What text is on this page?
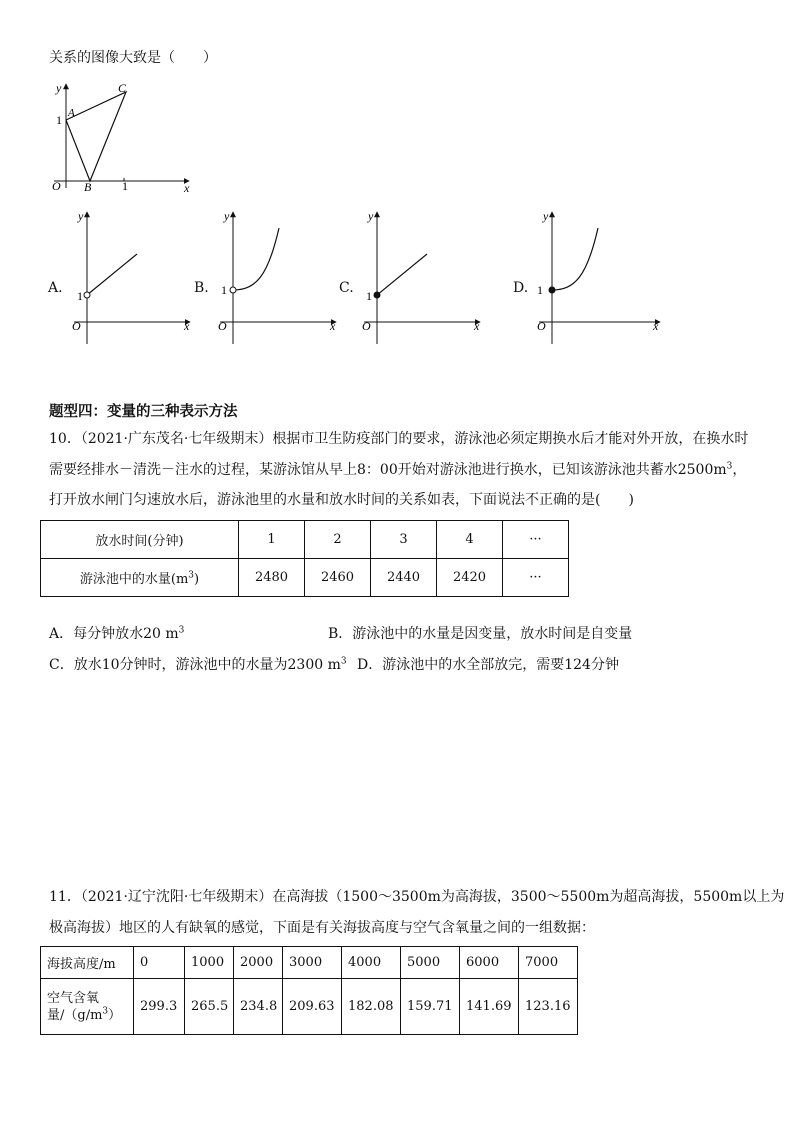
关系的图像大致是（　　）
y
x
O
A
B
C
1
1
A.
y
x
O
1	B.
y
x
O
1	C.
y
x
O
1	D.
y
x
O
1
题型四：变量的三种表示方法
10．（2021·广东茂名·七年级期末）根据市卫生防疫部门的要求，游泳池必须定期换水后才能对外开放，在换水时
需要经排水－清洗－注水的过程，某游泳馆从早上8：00开始对游泳池进行换水，已知该游泳池共蓄水$2500m^3$，
打开放水闸门匀速放水后，游泳池里的水量和放水时间的关系如表，下面说法不正确的是(　　)
放水时间(分钟)	1	2	3	4	···
游泳池中的水量$(m^3)$	2480	2460	2440	2420	···
A．每分钟放水20 $m^3$	B．游泳池中的水量是因变量，放水时间是自变量
C．放水10分钟时，游泳池中的水量为2300 $m^3$ D．游泳池中的水全部放完，需要124分钟
11．（2021·辽宁沈阳·七年级期末）在高海拔（1500～3500m为高海拔，3500～5500m为超高海拔，5500m以上为
极高海拔）地区的人有缺氧的感觉，下面是有关海拔高度与空气含氧量之间的一组数据：
海拔高度/m	0	1000	2000	3000	4000	5000	6000	7000
空气含氧
量$/(g/m^3)$	299.3	265.5	234.8	209.63	182.08	159.71	141.69	123.16
